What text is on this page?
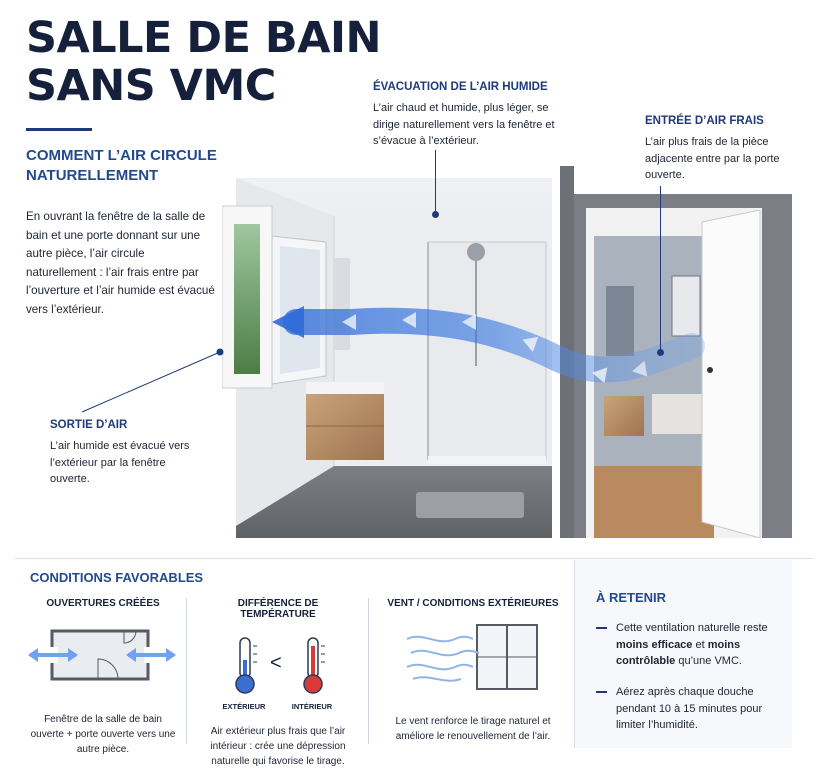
SALLE DE BAIN
SANS VMC
COMMENT L’AIR CIRCULE NATURELLEMENT
En ouvrant la fenêtre de la salle de bain et une porte donnant sur une autre pièce, l’air circule naturellement : l’air frais entre par l’ouverture et l’air humide est évacué vers l’extérieur.
ÉVACUATION DE L’AIR HUMIDE
L’air chaud et humide, plus léger, se dirige naturellement vers la fenêtre et s’évacue à l’extérieur.
ENTRÉE D’AIR FRAIS
L’air plus frais de la pièce adjacente entre par la porte ouverte.
SORTIE D’AIR
L’air humide est évacué vers l’extérieur par la fenêtre ouverte.
CONDITIONS FAVORABLES
OUVERTURES CRÉÉES
Fenêtre de la salle de bain ouverte + porte ouverte vers une autre pièce.
DIFFÉRENCE DE TEMPÉRATURE
<
EXTÉRIEUR	INTÉRIEUR
Air extérieur plus frais que l’air intérieur : crée une dépression naturelle qui favorise le tirage.
VENT / CONDITIONS EXTÉRIEURES
Le vent renforce le tirage naturel et améliore le renouvellement de l’air.
À RETENIR
Cette ventilation naturelle reste moins efficace et moins contrôlable qu’une VMC.
Aérez après chaque douche pendant 10 à 15 minutes pour limiter l’humidité.
